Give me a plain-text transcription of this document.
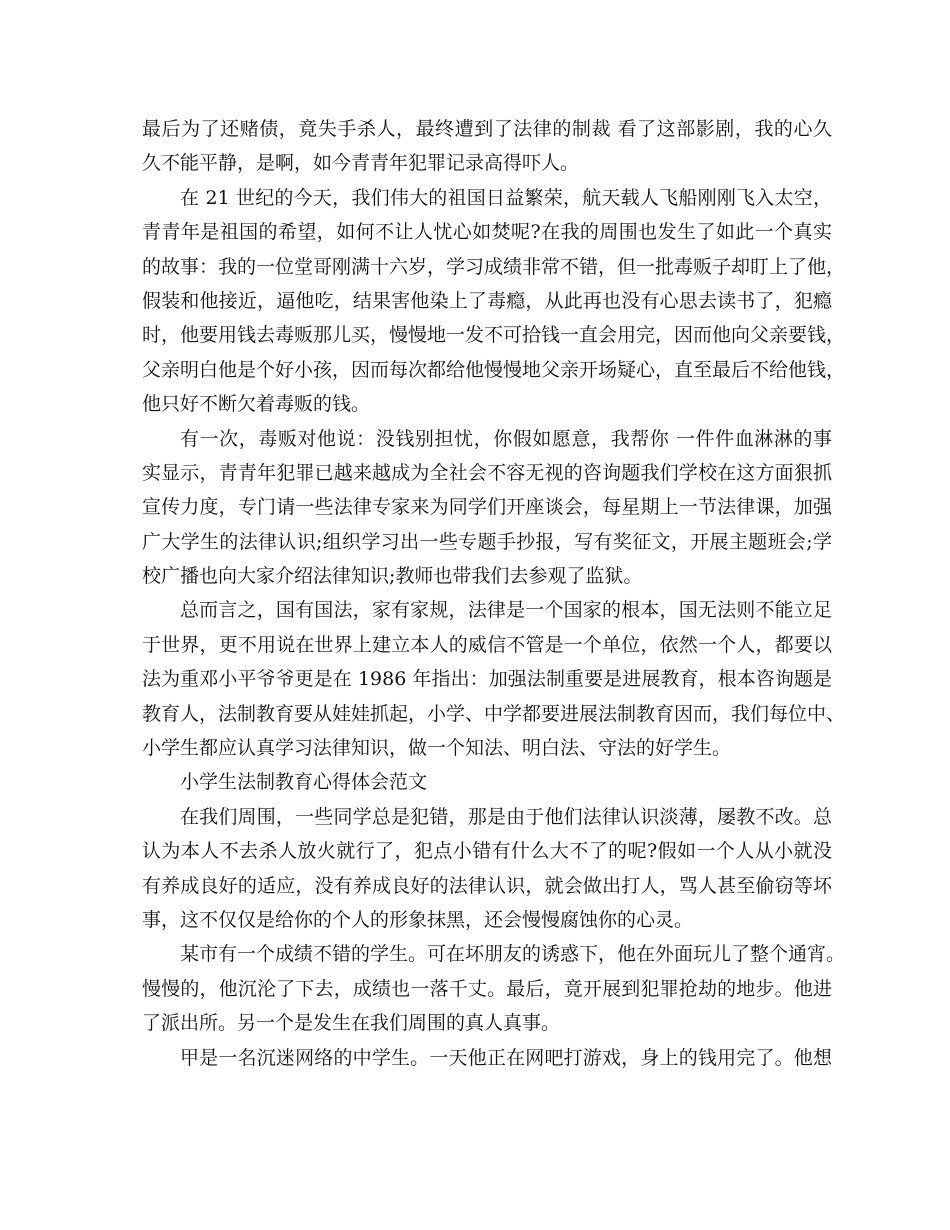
最后为了还赌债，竟失手杀人，最终遭到了法律的制裁 看了这部影剧，我的心久
久不能平静，是啊，如今青青年犯罪记录高得吓人。
在 21 世纪的今天，我们伟大的祖国日益繁荣，航天载人飞船刚刚飞入太空，
青青年是祖国的希望，如何不让人忧心如焚呢?在我的周围也发生了如此一个真实
的故事：我的一位堂哥刚满十六岁，学习成绩非常不错，但一批毒贩子却盯上了他，
假装和他接近，逼他吃，结果害他染上了毒瘾，从此再也没有心思去读书了，犯瘾
时，他要用钱去毒贩那儿买，慢慢地一发不可拾钱一直会用完，因而他向父亲要钱，
父亲明白他是个好小孩，因而每次都给他慢慢地父亲开场疑心，直至最后不给他钱，
他只好不断欠着毒贩的钱。
有一次，毒贩对他说：没钱别担忧，你假如愿意，我帮你 一件件血淋淋的事
实显示，青青年犯罪已越来越成为全社会不容无视的咨询题我们学校在这方面狠抓
宣传力度，专门请一些法律专家来为同学们开座谈会，每星期上一节法律课，加强
广大学生的法律认识;组织学习出一些专题手抄报，写有奖征文，开展主题班会;学
校广播也向大家介绍法律知识;教师也带我们去参观了监狱。
总而言之，国有国法，家有家规，法律是一个国家的根本，国无法则不能立足
于世界，更不用说在世界上建立本人的威信不管是一个单位，依然一个人，都要以
法为重邓小平爷爷更是在 1986 年指出：加强法制重要是进展教育，根本咨询题是
教育人，法制教育要从娃娃抓起，小学、中学都要进展法制教育因而，我们每位中、
小学生都应认真学习法律知识，做一个知法、明白法、守法的好学生。
小学生法制教育心得体会范文
在我们周围，一些同学总是犯错，那是由于他们法律认识淡薄，屡教不改。总
认为本人不去杀人放火就行了，犯点小错有什么大不了的呢?假如一个人从小就没
有养成良好的适应，没有养成良好的法律认识，就会做出打人，骂人甚至偷窃等坏
事，这不仅仅是给你的个人的形象抹黑，还会慢慢腐蚀你的心灵。
某市有一个成绩不错的学生。可在坏朋友的诱惑下，他在外面玩儿了整个通宵。
慢慢的，他沉沦了下去，成绩也一落千丈。最后，竟开展到犯罪抢劫的地步。他进
了派出所。另一个是发生在我们周围的真人真事。
甲是一名沉迷网络的中学生。一天他正在网吧打游戏，身上的钱用完了。他想
